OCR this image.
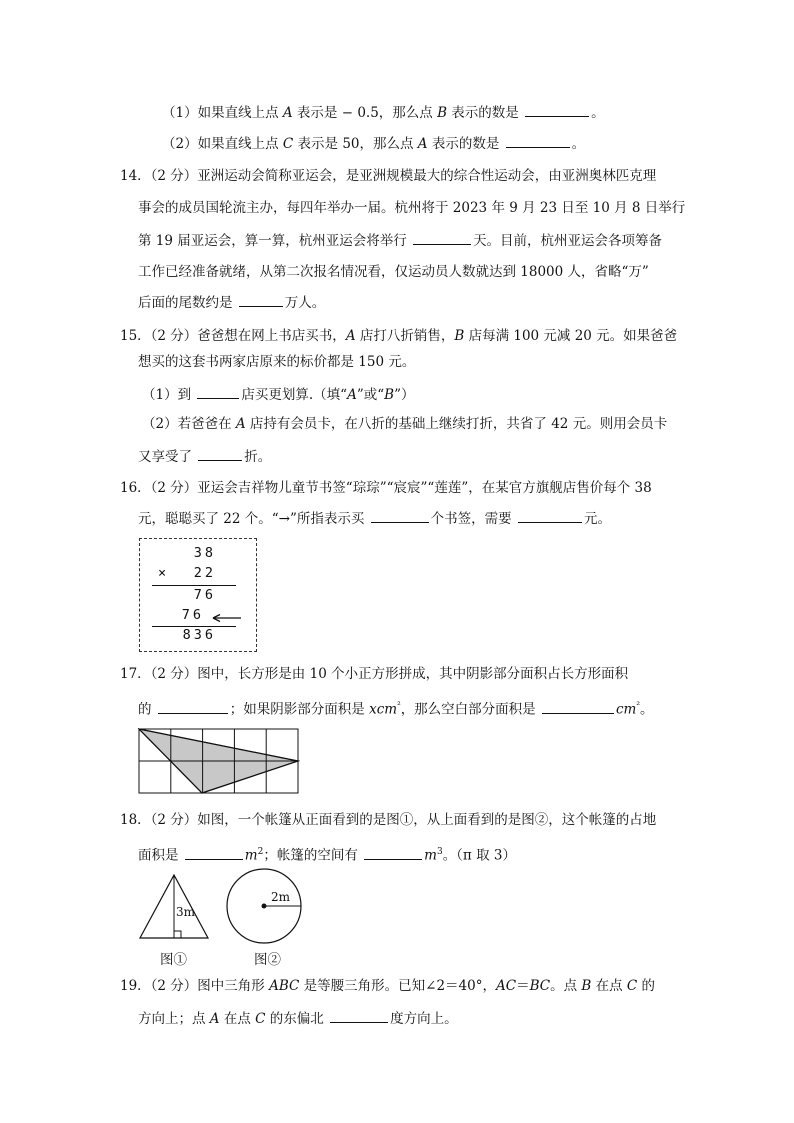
（1）如果直线上点 A 表示是 − 0.5，那么点 B 表示的数是	。
（2）如果直线上点 C 表示是 50，那么点 A 表示的数是	。
14．（2 分）亚洲运动会简称亚运会，是亚洲规模最大的综合性运动会，由亚洲奥林匹克理
事会的成员国轮流主办，每四年举办一届。杭州将于 2023 年 9 月 23 日至 10 月 8 日举行
第 19 届亚运会，算一算，杭州亚运会将举行	天。目前，杭州亚运会各项筹备
工作已经准备就绪，从第二次报名情况看，仅运动员人数就达到 18000 人，省略“万”
后面的尾数约是	万人。
15．（2 分）爸爸想在网上书店买书，A 店打八折销售，B 店每满 100 元减 20 元。如果爸爸
想买的这套书两家店原来的标价都是 150 元。
（1）到	店买更划算.（填“A”或“B”）
（2）若爸爸在 A 店持有会员卡，在八折的基础上继续打折，共省了 42 元。则用会员卡
又享受了	折。
16．（2 分）亚运会吉祥物儿童节书签“琮琮”“宸宸”“莲莲”，在某官方旗舰店售价每个 38
元，聪聪买了 22 个。“→”所指表示买	个书签，需要	元。
38
× 22
76
76
836
17．（2 分）图中，长方形是由 10 个小正方形拼成，其中阴影部分面积占长方形面积
的	；如果阴影部分面积是 xcm$^{^2}$，那么空白部分面积是	$cm^{^2}$。
18．（2 分）如图，一个帐篷从正面看到的是图①，从上面看到的是图②，这个帐篷的占地
面积是	$m^2$；帐篷的空间有	$m^3$。（π 取 3）
3m
图①
2m
图②
19．（2 分）图中三角形 ABC 是等腰三角形。已知∠2＝40°，AC＝BC。点 B 在点 C 的
方向上；点 A 在点 C 的东偏北	度方向上。
